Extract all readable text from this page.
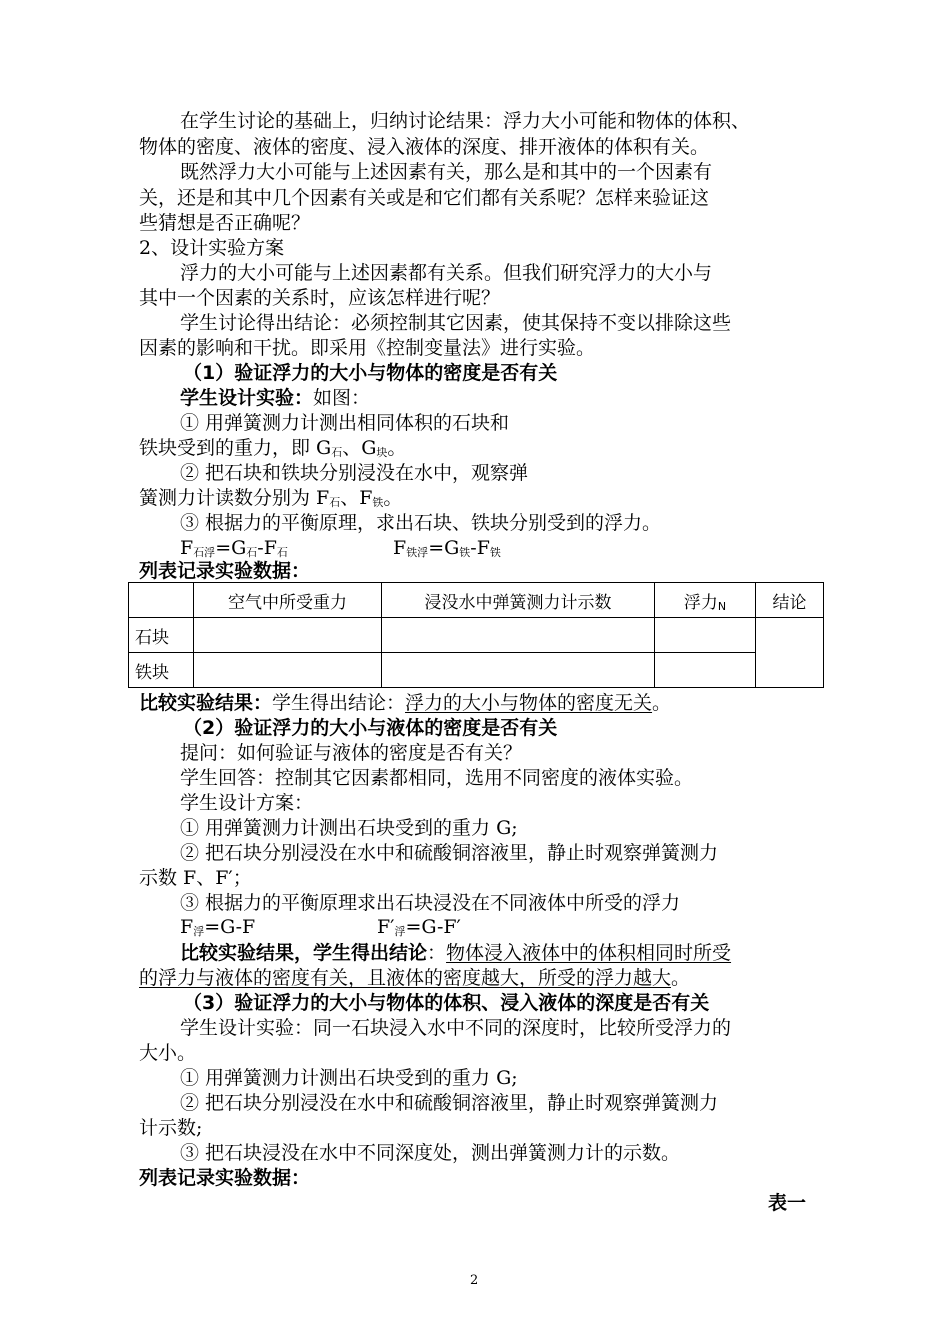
在学生讨论的基础上，归纳讨论结果：浮力大小可能和物体的体积、
物体的密度、液体的密度、浸入液体的深度、排开液体的体积有关。
既然浮力大小可能与上述因素有关，那么是和其中的一个因素有
关，还是和其中几个因素有关或是和它们都有关系呢？怎样来验证这
些猜想是否正确呢？
2、设计实验方案
浮力的大小可能与上述因素都有关系。但我们研究浮力的大小与
其中一个因素的关系时，应该怎样进行呢？
学生讨论得出结论：必须控制其它因素，使其保持不变以排除这些
因素的影响和干扰。即采用《控制变量法》进行实验。
（1）验证浮力的大小与物体的密度是否有关
学生设计实验：如图：
① 用弹簧测力计测出相同体积的石块和
铁块受到的重力，即 $G_石$、$G_块$。
② 把石块和铁块分别浸没在水中，观察弹
簧测力计读数分别为 $F_石$、$F_铁$。
③ 根据力的平衡原理，求出石块、铁块分别受到的浮力。
$F_{石浮}=G_石-F_石$	$F_{铁浮}=G_铁-F_铁$
列表记录实验数据：
	空气中所受重力	浸没水中弹簧测力计示数	浮力$_N$	结论
石块				
铁块				
比较实验结果：学生得出结论：浮力的大小与物体的密度无关。
（2）验证浮力的大小与液体的密度是否有关
提问：如何验证与液体的密度是否有关？
学生回答：控制其它因素都相同，选用不同密度的液体实验。
学生设计方案：
① 用弹簧测力计测出石块受到的重力 G;
② 把石块分别浸没在水中和硫酸铜溶液里，静止时观察弹簧测力
示数 F、F′；
③ 根据力的平衡原理求出石块浸没在不同液体中所受的浮力
$F_浮=G-F$	$F'_浮=G-F'$
比较实验结果，学生得出结论：物体浸入液体中的体积相同时所受
的浮力与液体的密度有关，且液体的密度越大，所受的浮力越大。
（3）验证浮力的大小与物体的体积、浸入液体的深度是否有关
学生设计实验：同一石块浸入水中不同的深度时，比较所受浮力的
大小。
① 用弹簧测力计测出石块受到的重力 G;
② 把石块分别浸没在水中和硫酸铜溶液里，静止时观察弹簧测力
计示数;
③ 把石块浸没在水中不同深度处，测出弹簧测力计的示数。
列表记录实验数据：
表一
2
